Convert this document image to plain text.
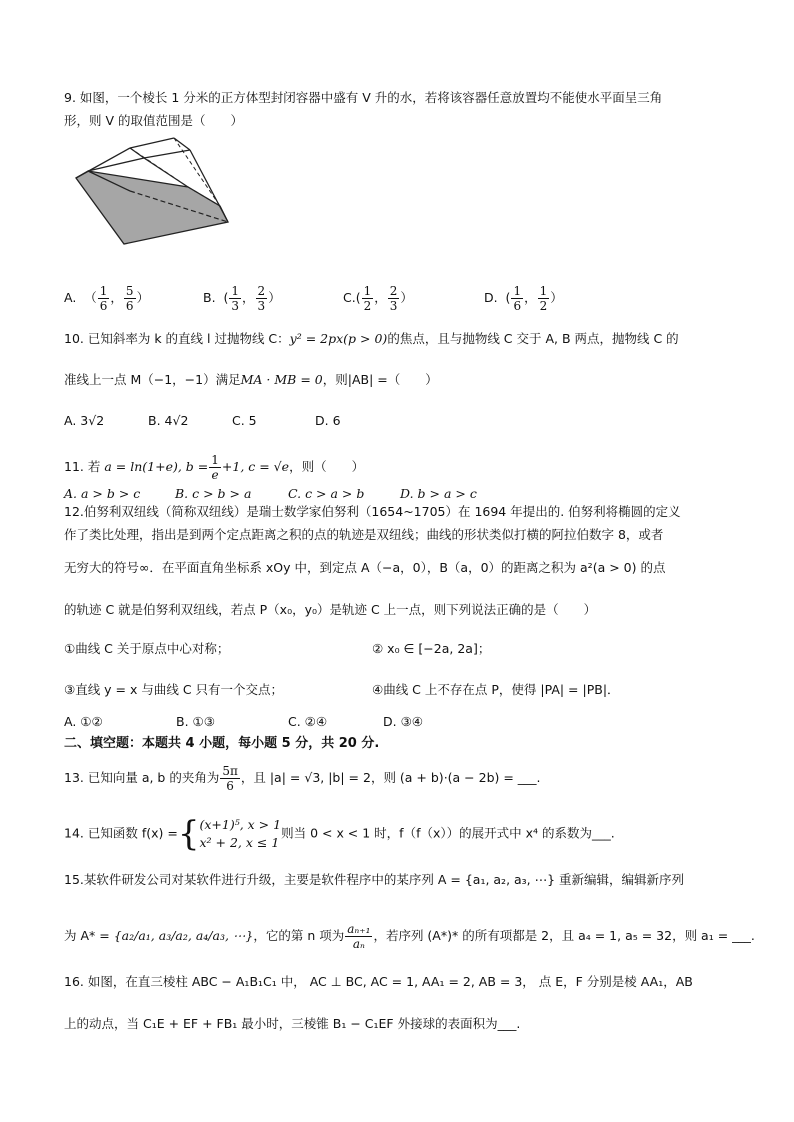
9. 如图，一个棱长 1 分米的正方体型封闭容器中盛有 V 升的水，若将该容器任意放置均不能使水平面呈三角
形，则 V 的取值范围是（　　）
A.  （ $\frac{1}{6}$ ， $\frac{5}{6}$ ）	B.  ( $\frac{1}{3}$ ， $\frac{2}{3}$ ）	$C.( \frac{1}{2}$ ， $\frac{2}{3}$ ）	D.  ( $\frac{1}{6}$ ， $\frac{1}{2}$ ）
10. 已知斜率为 k 的直线 l 过抛物线 C：y² = 2px(p > 0)的焦点，且与抛物线 C 交于 A, B 两点，抛物线 C 的
准线上一点 M（−1，−1）满足MA · MB = 0，则|AB| =（　　）
A. 3√2	B. 4√2	C. 5	D. 6
11. 若 a = ln(1+e), $b = \frac{1}{e} +1$, c = √e，则（　　）
A. a > b > c	B. c > b > a	C. c > a > b	D. b > a > c
12.伯努利双纽线（简称双纽线）是瑞士数学家伯努利（1654~1705）在 1694 年提出的. 伯努利将椭圆的定义
作了类比处理，指出是到两个定点距离之积的点的轨迹是双纽线；曲线的形状类似打横的阿拉伯数字 8，或者
无穷大的符号∞．在平面直角坐标系 xOy 中，到定点 A（−a，0），B（a，0）的距离之积为 a²(a > 0) 的点
的轨迹 C 就是伯努利双纽线，若点 P（x₀，y₀）是轨迹 C 上一点，则下列说法正确的是（　　）
①曲线 C 关于原点中心对称；	② x₀ ∈ [−2a, 2a]；
③直线 y = x 与曲线 C 只有一个交点；	④曲线 C 上不存在点 P，使得 |PA| = |PB|．
A. ①②	B. ①③	C. ②④	D. ③④
二、填空题：本题共 4 小题，每小题 5 分，共 20 分.
13. 已知向量 a, b 的夹角为 $\frac{5\pi}{6}$ ，且 |a| = √3, |b| = 2，则 (a + b)·(a − 2b) = ___.
14. 已知函数 f(x) ={ (x+1)⁵, x > 1
x² + 2, x ≤ 1
则当 0 < x < 1 时，f（f（x））的展开式中 x⁴ 的系数为___.
15.某软件研发公司对某软件进行升级，主要是软件程序中的某序列 A = {a₁, a₂, a₃, ⋯} 重新编辑，编辑新序列
为 A* = {a₂/a₁, a₃/a₂, a₄/a₃, ⋯}，它的第 n 项为 $\frac{\text{aₙ₊₁}}{\text{aₙ}}$ ，若序列 (A*)* 的所有项都是 2，且 a₄ = 1, a₅ = 32，则 a₁ = ___.
16. 如图，在直三棱柱 ABC − A₁B₁C₁ 中， AC ⊥ BC, AC = 1, AA₁ = 2, AB = 3， 点 E，F 分别是棱 AA₁，AB
上的动点，当 C₁E + EF + FB₁ 最小时，三棱锥 B₁ − C₁EF 外接球的表面积为___.
